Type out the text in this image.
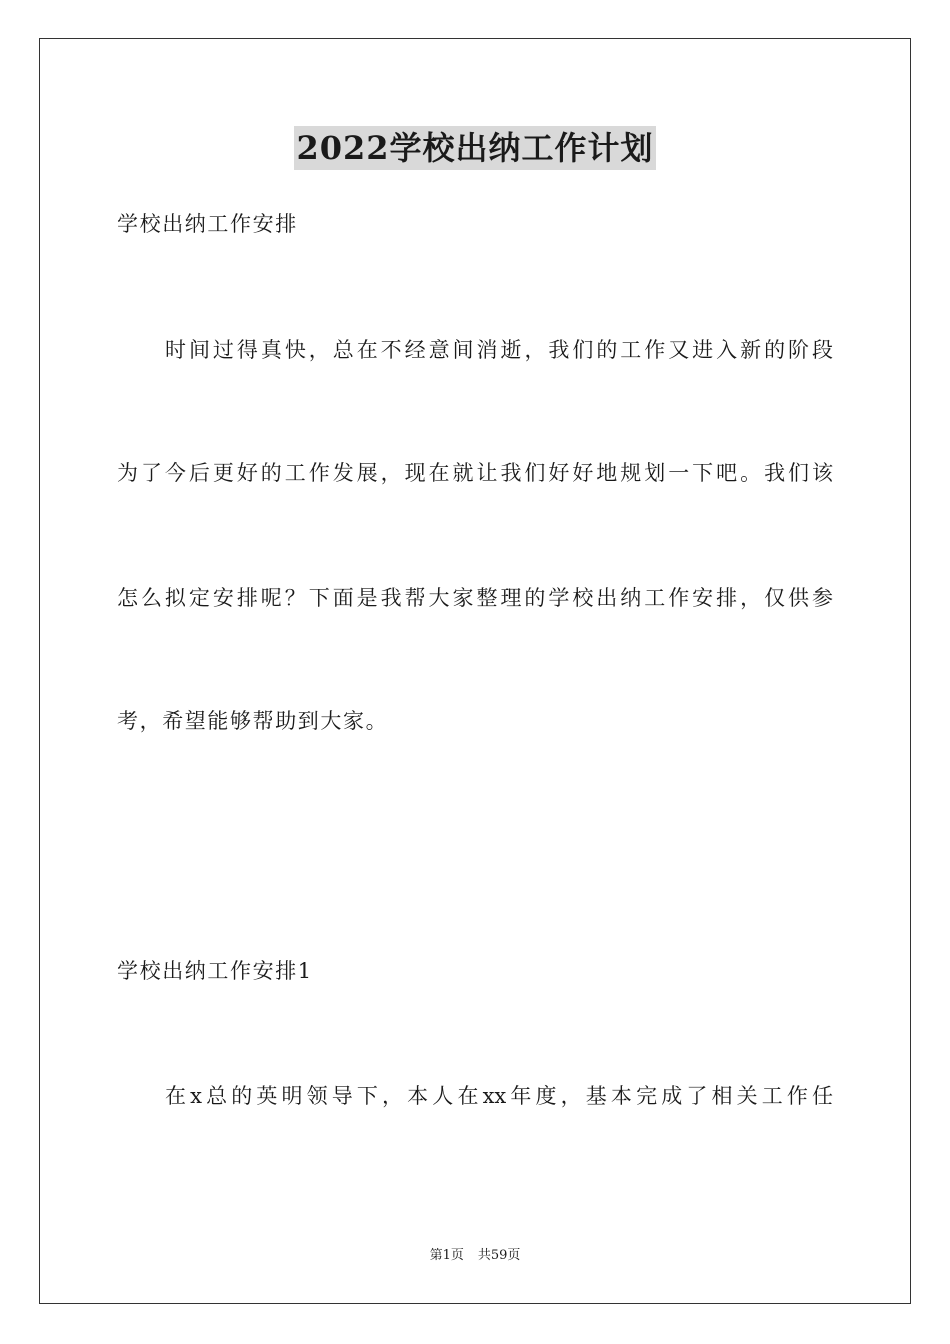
2022学校出纳工作计划
学校出纳工作安排
时间过得真快，总在不经意间消逝，我们的工作又进入新的阶段
为了今后更好的工作发展，现在就让我们好好地规划一下吧。我们该
怎么拟定安排呢？下面是我帮大家整理的学校出纳工作安排，仅供参
考，希望能够帮助到大家。
学校出纳工作安排1
在x总的英明领导下，本人在xx年度，基本完成了相关工作任
第1页 共59页
